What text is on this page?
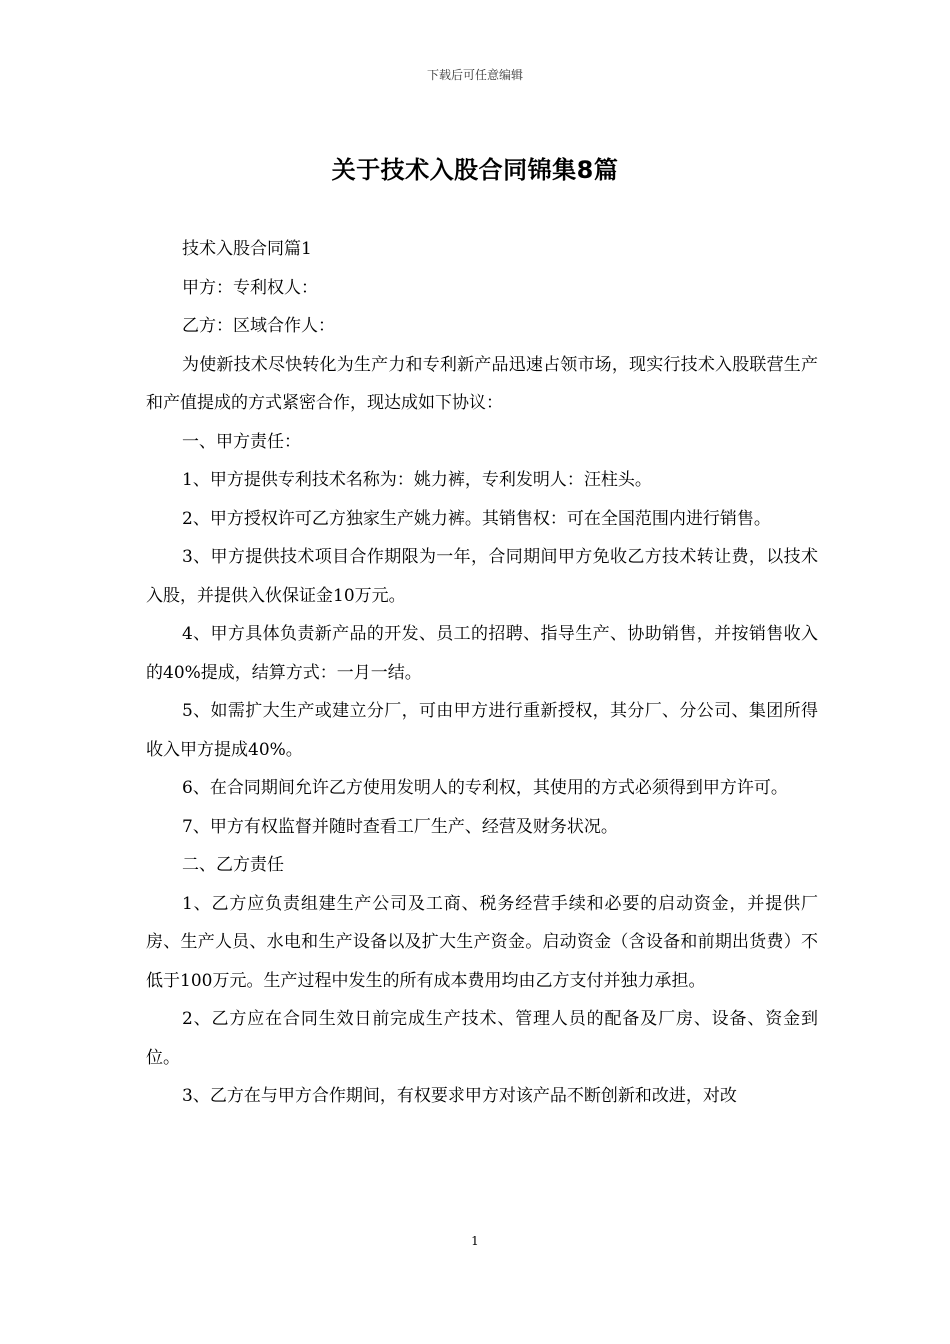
下载后可任意编辑
关于技术入股合同锦集8篇

技术入股合同篇1

甲方：专利权人：

乙方：区域合作人：

为使新技术尽快转化为生产力和专利新产品迅速占领市场，现实行技术入股联营生产和产值提成的方式紧密合作，现达成如下协议：

一、甲方责任：

1、甲方提供专利技术名称为：姚力裤，专利发明人：汪柱头。

2、甲方授权许可乙方独家生产姚力裤。其销售权：可在全国范围内进行销售。

3、甲方提供技术项目合作期限为一年，合同期间甲方免收乙方技术转让费，以技术入股，并提供入伙保证金10万元。

4、甲方具体负责新产品的开发、员工的招聘、指导生产、协助销售，并按销售收入的40%提成，结算方式：一月一结。

5、如需扩大生产或建立分厂，可由甲方进行重新授权，其分厂、分公司、集团所得收入甲方提成40%。

6、在合同期间允许乙方使用发明人的专利权，其使用的方式必须得到甲方许可。

7、甲方有权监督并随时查看工厂生产、经营及财务状况。

二、乙方责任

1、乙方应负责组建生产公司及工商、税务经营手续和必要的启动资金，并提供厂房、生产人员、水电和生产设备以及扩大生产资金。启动资金（含设备和前期出货费）不低于100万元。生产过程中发生的所有成本费用均由乙方支付并独力承担。

2、乙方应在合同生效日前完成生产技术、管理人员的配备及厂房、设备、资金到位。

3、乙方在与甲方合作期间，有权要求甲方对该产品不断创新和改进，对改

1
